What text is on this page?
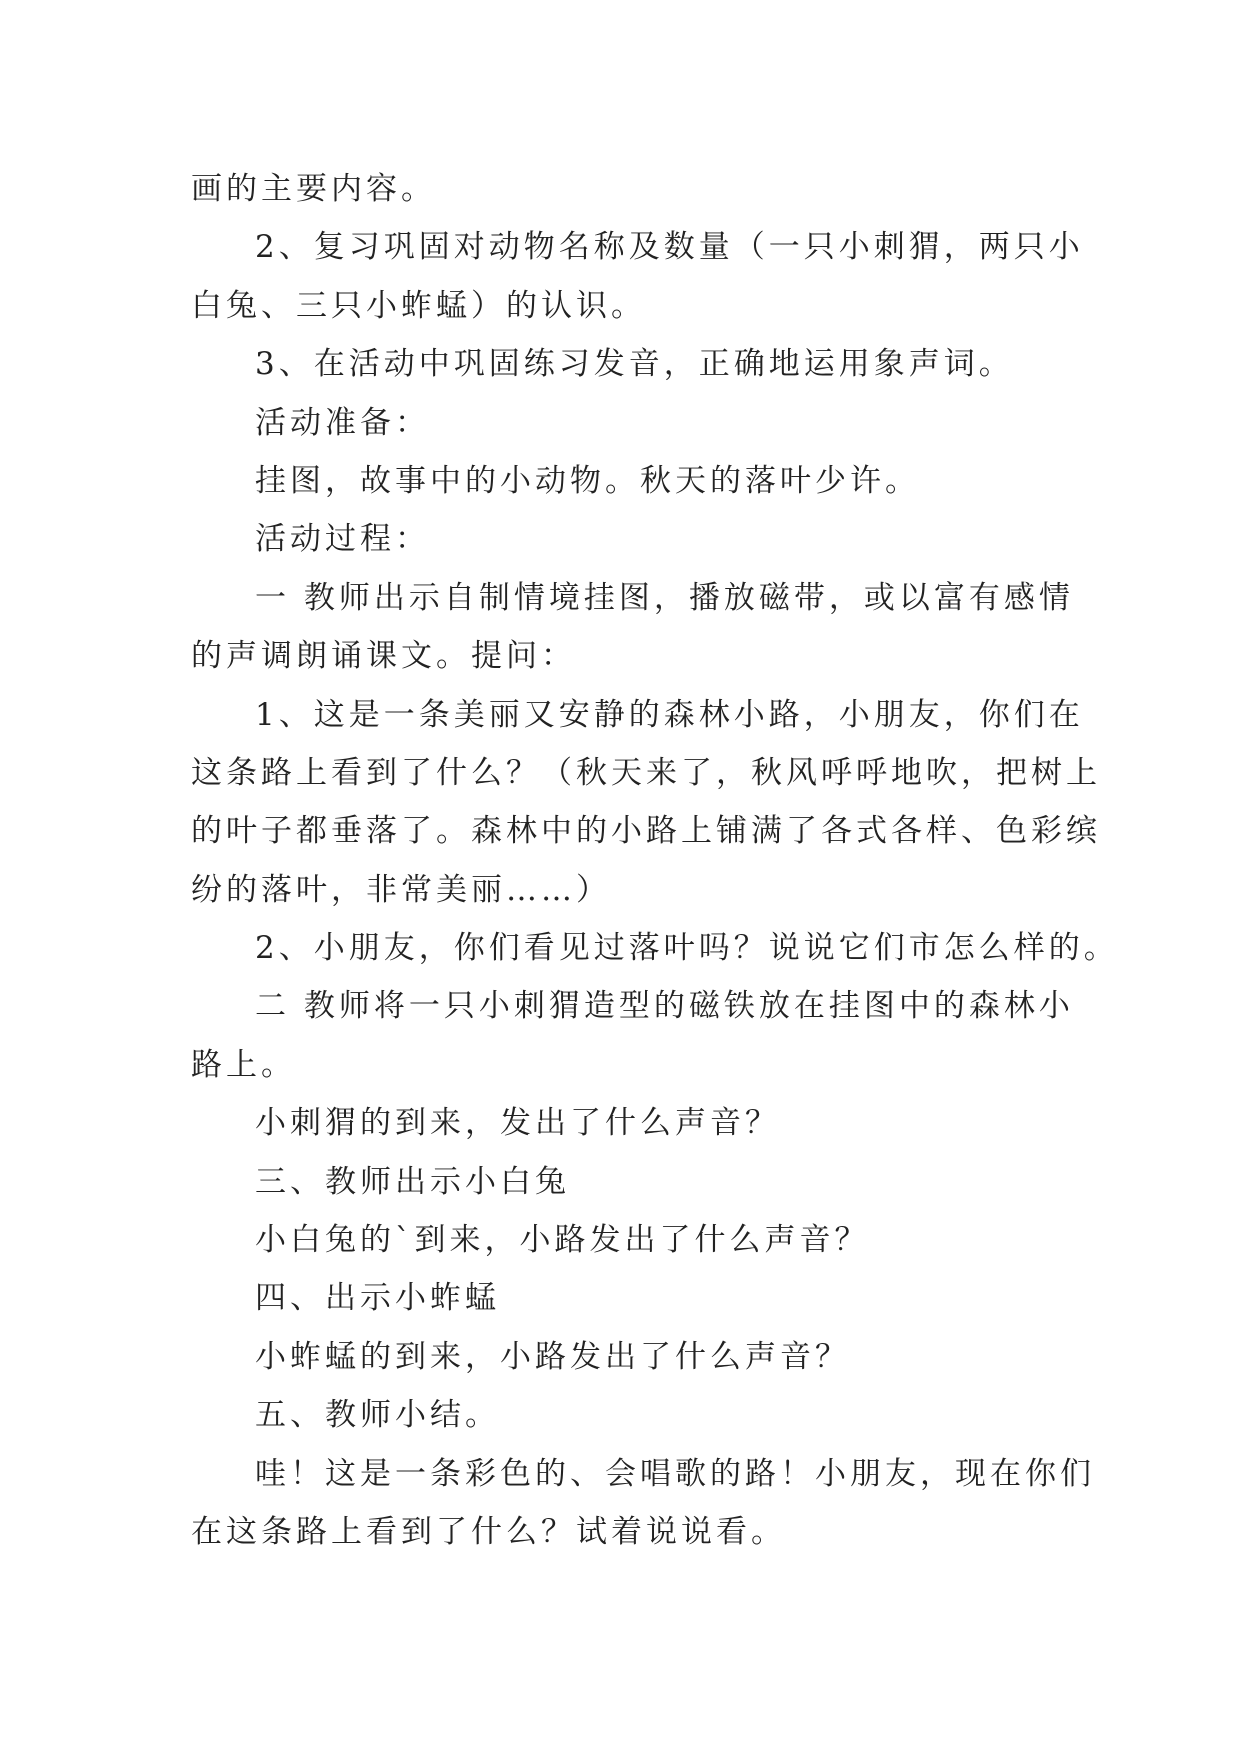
画的主要内容。
2、复习巩固对动物名称及数量（一只小刺猬，两只小
白兔、三只小蚱蜢）的认识。
3、在活动中巩固练习发音，正确地运用象声词。
活动准备：
挂图，故事中的小动物。秋天的落叶少许。
活动过程：
一 教师出示自制情境挂图，播放磁带，或以富有感情
的声调朗诵课文。提问：
1、这是一条美丽又安静的森林小路，小朋友，你们在
这条路上看到了什么？（秋天来了，秋风呼呼地吹，把树上
的叶子都垂落了。森林中的小路上铺满了各式各样、色彩缤
纷的落叶，非常美丽……）
2、小朋友，你们看见过落叶吗？说说它们市怎么样的。
二 教师将一只小刺猬造型的磁铁放在挂图中的森林小
路上。
小刺猬的到来，发出了什么声音？
三、教师出示小白兔
小白兔的`到来，小路发出了什么声音？
四、出示小蚱蜢
小蚱蜢的到来，小路发出了什么声音？
五、教师小结。
哇！这是一条彩色的、会唱歌的路！小朋友，现在你们
在这条路上看到了什么？试着说说看。
